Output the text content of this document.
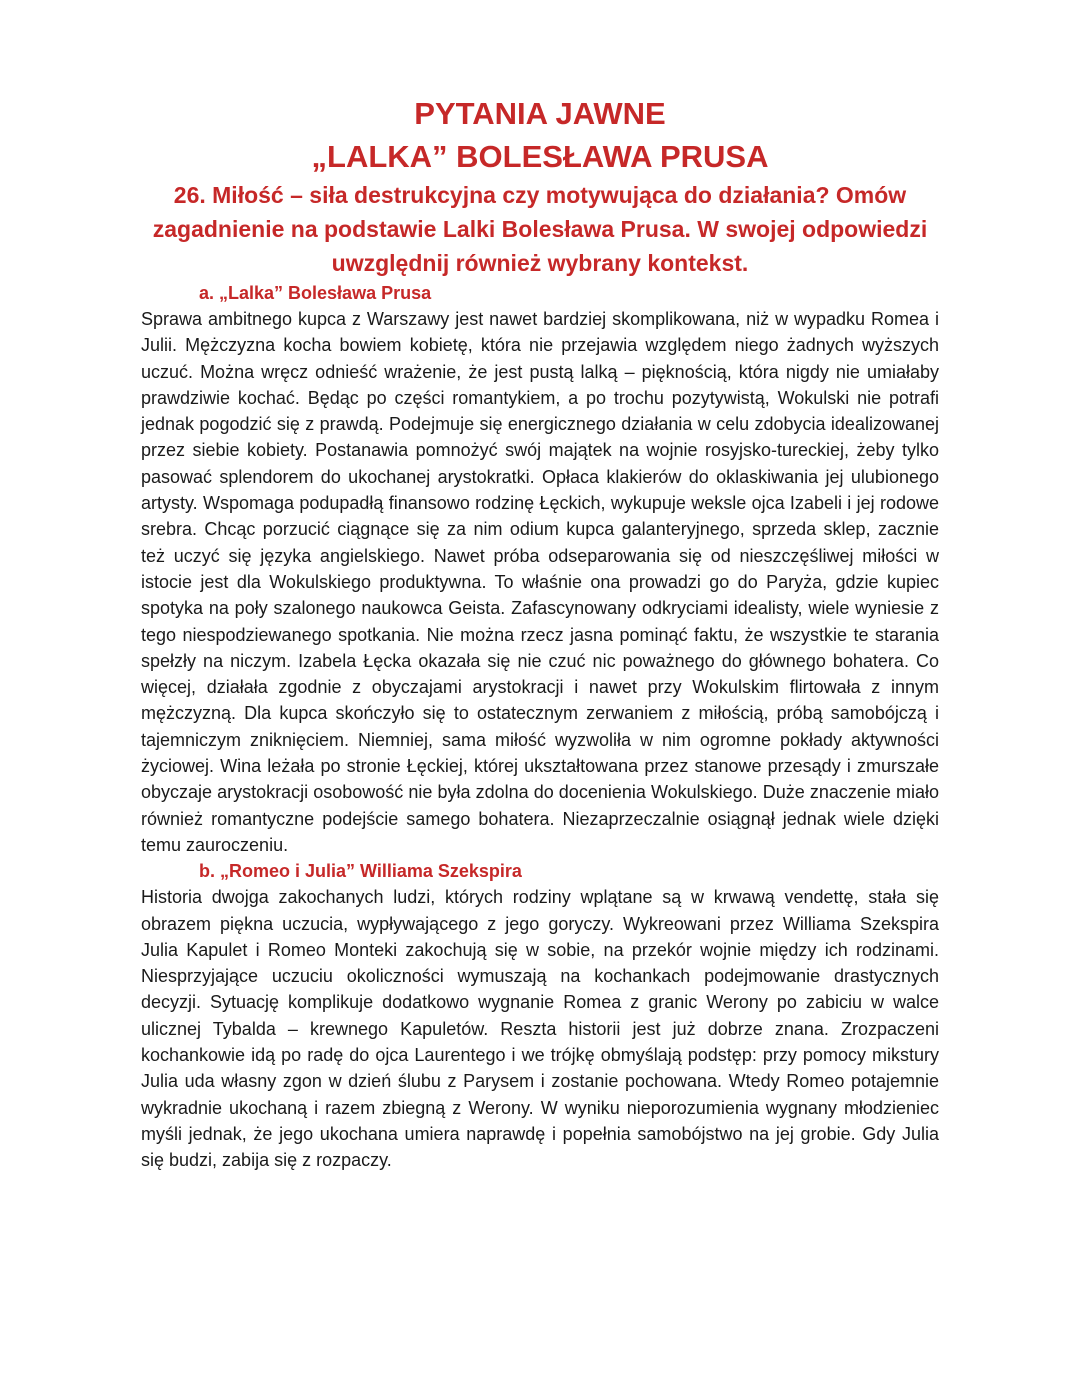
PYTANIA JAWNE
„LALKA” BOLESŁAWA PRUSA
26. Miłość – siła destrukcyjna czy motywująca do działania? Omów zagadnienie na podstawie Lalki Bolesława Prusa. W swojej odpowiedzi uwzględnij również wybrany kontekst.
a. „Lalka” Bolesława Prusa

Sprawa ambitnego kupca z Warszawy jest nawet bardziej skomplikowana, niż w wypadku Romea i Julii. Mężczyzna kocha bowiem kobietę, która nie przejawia względem niego żadnych wyższych uczuć. Można wręcz odnieść wrażenie, że jest pustą lalką – pięknością, która nigdy nie umiałaby prawdziwie kochać. Będąc po części romantykiem, a po trochu pozytywistą, Wokulski nie potrafi jednak pogodzić się z prawdą. Podejmuje się energicznego działania w celu zdobycia idealizowanej przez siebie kobiety. Postanawia pomnożyć swój majątek na wojnie rosyjsko-tureckiej, żeby tylko pasować splendorem do ukochanej arystokratki. Opłaca klakierów do oklaskiwania jej ulubionego artysty. Wspomaga podupadłą finansowo rodzinę Łęckich, wykupuje weksle ojca Izabeli i jej rodowe srebra. Chcąc porzucić ciągnące się za nim odium kupca galanteryjnego, sprzeda sklep, zacznie też uczyć się języka angielskiego. Nawet próba odseparowania się od nieszczęśliwej miłości w istocie jest dla Wokulskiego produktywna. To właśnie ona prowadzi go do Paryża, gdzie kupiec spotyka na poły szalonego naukowca Geista. Zafascynowany odkryciami idealisty, wiele wyniesie z tego niespodziewanego spotkania. Nie można rzecz jasna pominąć faktu, że wszystkie te starania spełzły na niczym. Izabela Łęcka okazała się nie czuć nic poważnego do głównego bohatera. Co więcej, działała zgodnie z obyczajami arystokracji i nawet przy Wokulskim flirtowała z innym mężczyzną. Dla kupca skończyło się to ostatecznym zerwaniem z miłością, próbą samobójczą i tajemniczym zniknięciem. Niemniej, sama miłość wyzwoliła w nim ogromne pokłady aktywności życiowej. Wina leżała po stronie Łęckiej, której ukształtowana przez stanowe przesądy i zmurszałe obyczaje arystokracji osobowość nie była zdolna do docenienia Wokulskiego. Duże znaczenie miało również romantyczne podejście samego bohatera. Niezaprzeczalnie osiągnął jednak wiele dzięki temu zauroczeniu.

b. „Romeo i Julia” Williama Szekspira

Historia dwojga zakochanych ludzi, których rodziny wplątane są w krwawą vendettę, stała się obrazem piękna uczucia, wypływającego z jego goryczy. Wykreowani przez Williama Szekspira Julia Kapulet i Romeo Monteki zakochują się w sobie, na przekór wojnie między ich rodzinami. Niesprzyjające uczuciu okoliczności wymuszają na kochankach podejmowanie drastycznych decyzji. Sytuację komplikuje dodatkowo wygnanie Romea z granic Werony po zabiciu w walce ulicznej Tybalda – krewnego Kapuletów. Reszta historii jest już dobrze znana. Zrozpaczeni kochankowie idą po radę do ojca Laurentego i we trójkę obmyślają podstęp: przy pomocy mikstury Julia uda własny zgon w dzień ślubu z Parysem i zostanie pochowana. Wtedy Romeo potajemnie wykradnie ukochaną i razem zbiegną z Werony. W wyniku nieporozumienia wygnany młodzieniec myśli jednak, że jego ukochana umiera naprawdę i popełnia samobójstwo na jej grobie. Gdy Julia się budzi, zabija się z rozpaczy.
